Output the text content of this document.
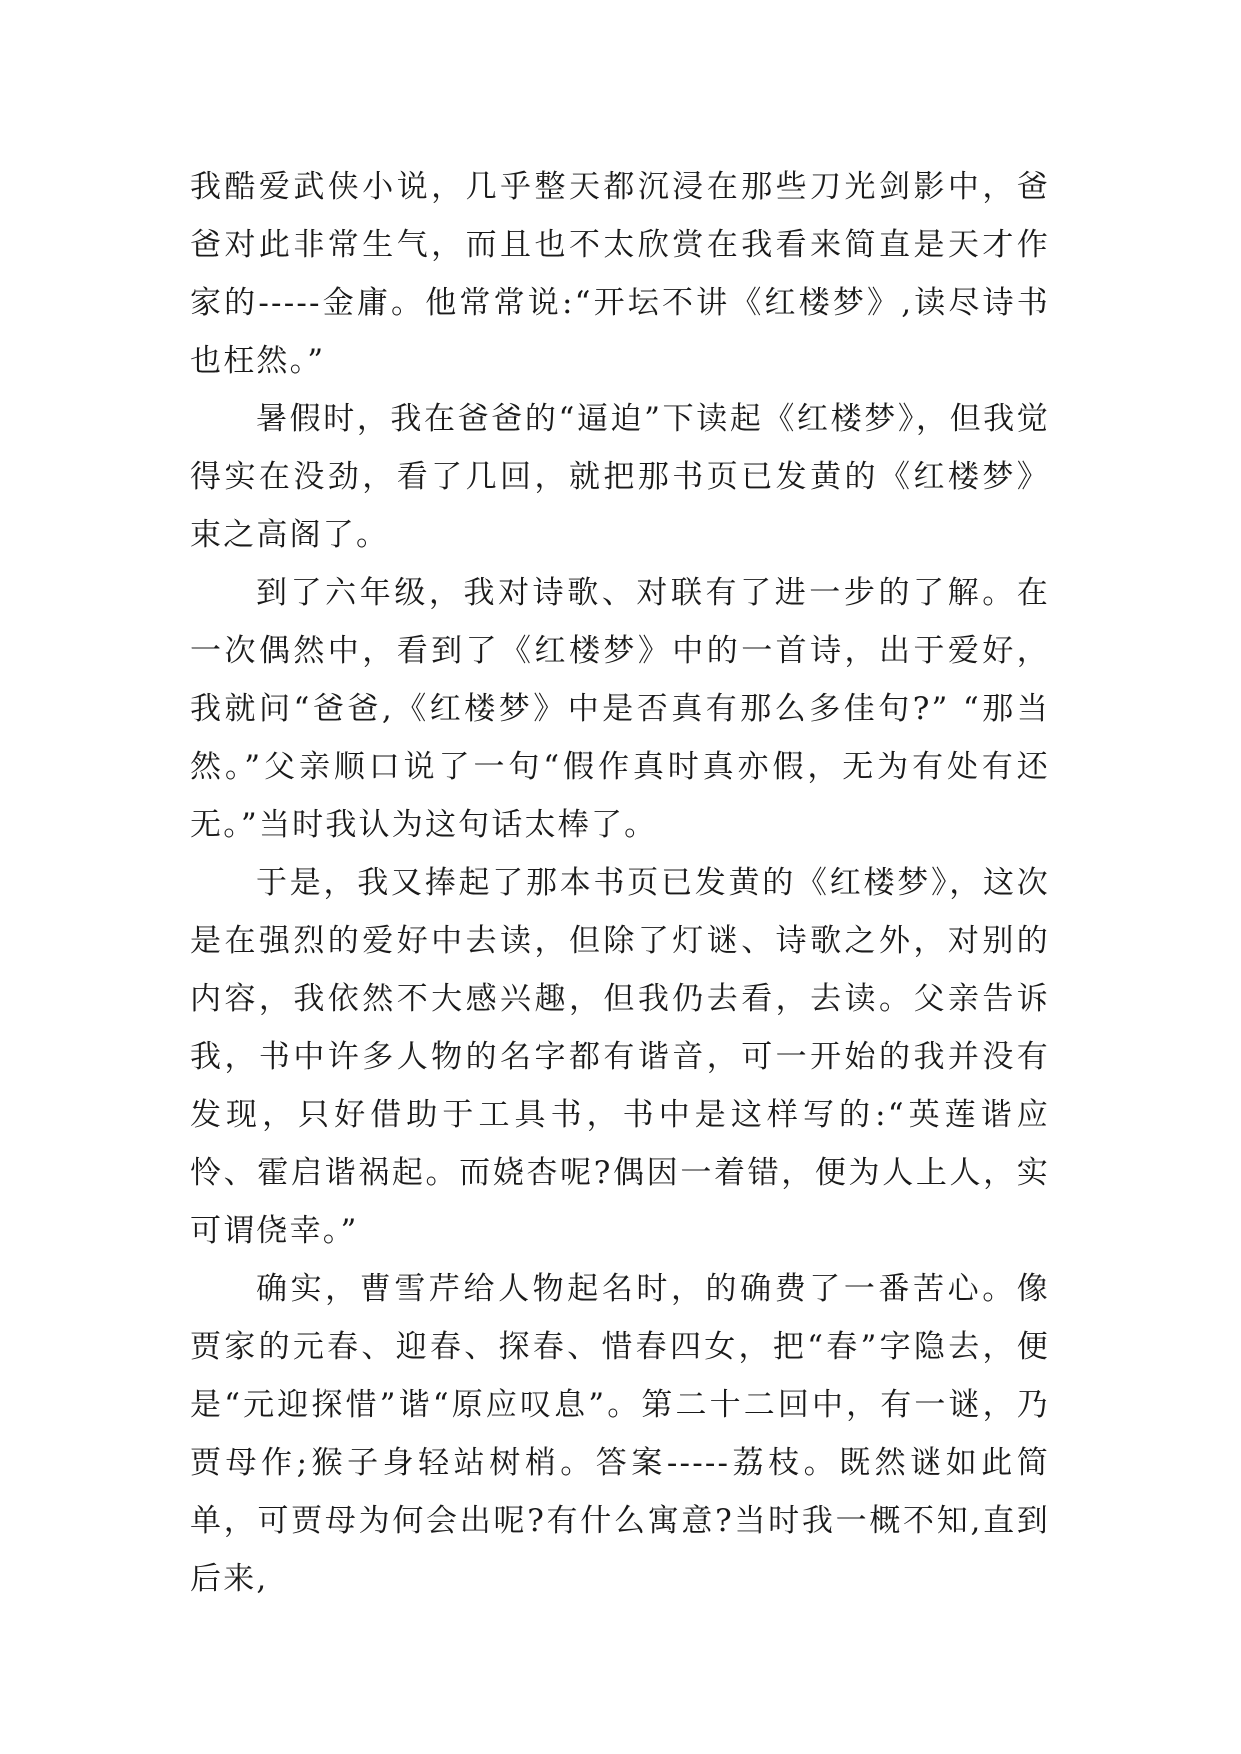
我酷爱武侠小说，几乎整天都沉浸在那些刀光剑影中，爸爸对此非常生气，而且也不太欣赏在我看来简直是天才作家的-----金庸。他常常说:“开坛不讲《红楼梦》,读尽诗书也枉然。”

暑假时，我在爸爸的“逼迫”下读起《红楼梦》，但我觉得实在没劲，看了几回，就把那书页已发黄的《红楼梦》束之高阁了。

到了六年级，我对诗歌、对联有了进一步的了解。在一次偶然中，看到了《红楼梦》中的一首诗，出于爱好，我就问“爸爸,《红楼梦》中是否真有那么多佳句?” “那当然。”父亲顺口说了一句“假作真时真亦假，无为有处有还无。”当时我认为这句话太棒了。

于是，我又捧起了那本书页已发黄的《红楼梦》，这次是在强烈的爱好中去读，但除了灯谜、诗歌之外，对别的内容，我依然不大感兴趣，但我仍去看，去读。父亲告诉我，书中许多人物的名字都有谐音，可一开始的我并没有发现，只好借助于工具书，书中是这样写的:“英莲谐应怜、霍启谐祸起。而娆杏呢?偶因一着错，便为人上人，实可谓侥幸。”

确实，曹雪芹给人物起名时，的确费了一番苦心。像贾家的元春、迎春、探春、惜春四女，把“春”字隐去，便是“元迎探惜”谐“原应叹息”。第二十二回中，有一谜，乃贾母作;猴子身轻站树梢。答案-----荔枝。既然谜如此简单，可贾母为何会出呢?有什么寓意?当时我一概不知,直到后来,
